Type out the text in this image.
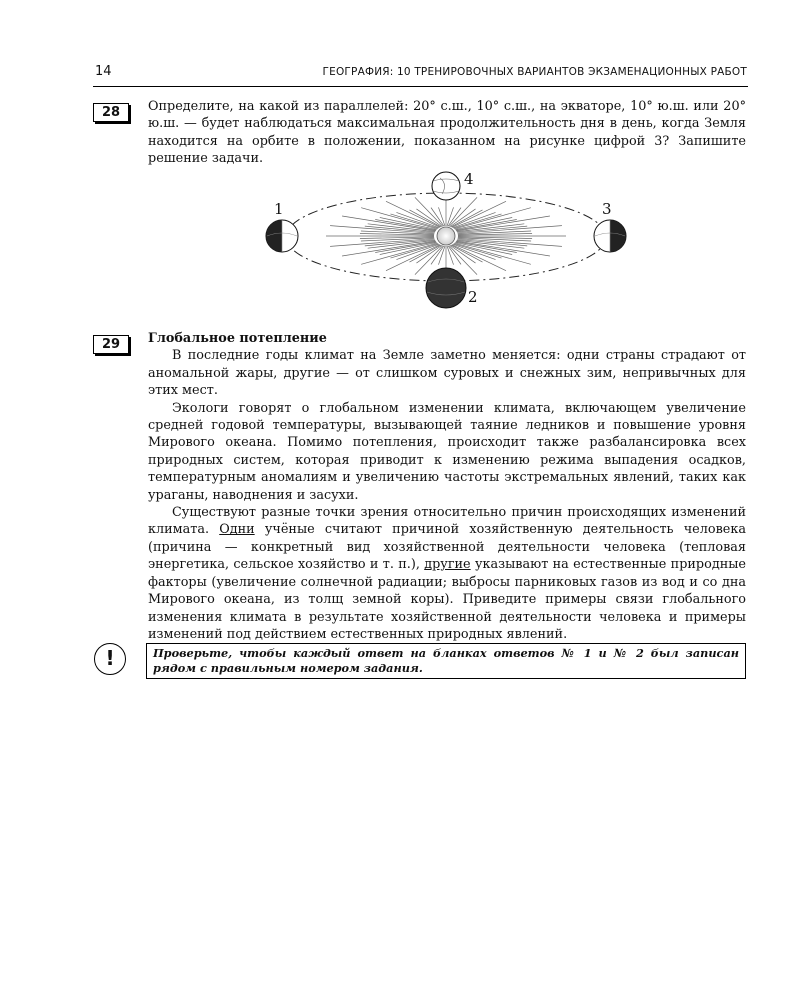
14	ГЕОГРАФИЯ: 10 ТРЕНИРОВОЧНЫХ ВАРИАНТОВ ЭКЗАМЕНАЦИОННЫХ РАБОТ
28	Определите, на какой из параллелей: 20° с.ш., 10° с.ш., на экваторе, 10° ю.ш. или 20° ю.ш. — будет наблюдаться максимальная продолжительность дня в день, когда Земля находится на орбите в положении, показанном на рисунке цифрой 3? Запишите решение задачи.

1
2
3
4
29	Глобальное потепление

В последние годы климат на Земле заметно меняется: одни страны страдают от аномальной жары, другие — от слишком суровых и снежных зим, непривычных для этих мест.

Экологи говорят о глобальном изменении климата, включающем увеличение средней годовой температуры, вызывающей таяние ледников и повышение уровня Мирового океана. Помимо потепления, происходит также разбалансировка всех природных систем, которая приводит к изменению режима выпадения осадков, температурным аномалиям и увеличению частоты экстремальных явлений, таких как ураганы, наводнения и засухи.

Существуют разные точки зрения относительно причин происходящих изменений климата. Одни учёные считают причиной хозяйственную деятельность человека (причина — конкретный вид хозяйственной деятельности человека (тепловая энергетика, сельское хозяйство и т. п.), другие указывают на естественные природные факторы (увеличение солнечной радиации; выбросы парниковых газов из вод и со дна Мирового океана, из толщ земной коры). Приведите примеры связи глобального изменения климата в результате хозяйственной деятельности человека и примеры изменений под действием естественных природных явлений.

!	Проверьте, чтобы каждый ответ на бланках ответов № 1 и № 2 был записан рядом с правильным номером задания.
